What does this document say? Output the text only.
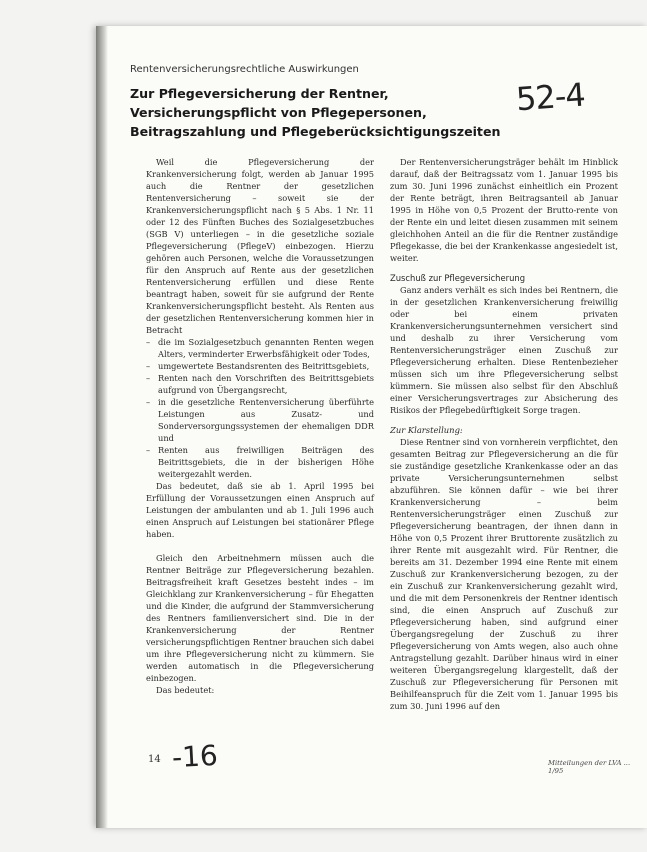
Rentenversicherungsrechtliche Auswirkungen
Zur Pflegeversicherung der Rentner,
Versicherungspflicht von Pflegepersonen,
Beitragszahlung und Pflegeberücksichtigungszeiten
52-4

Weil die Pflegeversicherung der Krankenversicherung folgt, werden ab Januar 1995 auch die Rentner der gesetzlichen Rentenversicherung – soweit sie der Krankenversicherungspflicht nach § 5 Abs. 1 Nr. 11 oder 12 des Fünften Buches des Sozialgesetzbuches (SGB V) unterliegen – in die gesetzliche soziale Pflegeversicherung (PflegeV) einbezogen. Hierzu gehören auch Personen, welche die Voraussetzungen für den Anspruch auf Rente aus der gesetzlichen Rentenversicherung erfüllen und diese Rente beantragt haben, soweit für sie aufgrund der Rente Krankenversicherungspflicht besteht. Als Renten aus der gesetzlichen Rentenversicherung kommen hier in Betracht

– die im Sozialgesetzbuch genannten Renten wegen Alters, verminderter Erwerbsfähigkeit oder Todes,
– umgewertete Bestandsrenten des Beitrittsgebiets,
– Renten nach den Vorschriften des Beitrittsgebiets aufgrund von Übergangsrecht,
– in die gesetzliche Rentenversicherung überführte Leistungen aus Zusatz- und Sonderversorgungssystemen der ehemaligen DDR und
– Renten aus freiwilligen Beiträgen des Beitrittsgebiets, die in der bisherigen Höhe weitergezahlt werden.

Das bedeutet, daß sie ab 1. April 1995 bei Erfüllung der Voraussetzungen einen Anspruch auf Leistungen der ambulanten und ab 1. Juli 1996 auch einen Anspruch auf Leistungen bei stationärer Pflege haben.

Gleich den Arbeitnehmern müssen auch die Rentner Beiträge zur Pflegeversicherung bezahlen. Beitragsfreiheit kraft Gesetzes besteht indes – im Gleichklang zur Krankenversicherung – für Ehegatten und die Kinder, die aufgrund der Stammversicherung des Rentners familienversichert sind. Die in der Krankenversicherung der Rentner versicherungspflichtigen Rentner brauchen sich dabei um ihre Pflegeversicherung nicht zu kümmern. Sie werden automatisch in die Pflegeversicherung einbezogen.

Das bedeutet:

Der Rentenversicherungsträger behält im Hinblick darauf, daß der Beitragssatz vom 1. Januar 1995 bis zum 30. Juni 1996 zunächst einheitlich ein Prozent der Rente beträgt, ihren Beitragsanteil ab Januar 1995 in Höhe von 0,5 Prozent der Brutto-rente von der Rente ein und leitet diesen zusammen mit seinem gleichhohen Anteil an die für die Rentner zuständige Pflegekasse, die bei der Krankenkasse angesiedelt ist, weiter.

Zuschuß zur Pflegeversicherung

Ganz anders verhält es sich indes bei Rentnern, die in der gesetzlichen Krankenversicherung freiwillig oder bei einem privaten Krankenversicherungsunternehmen versichert sind und deshalb zu ihrer Versicherung vom Rentenversicherungsträger einen Zuschuß zur Pflegeversicherung erhalten. Diese Rentenbezieher müssen sich um ihre Pflegeversicherung selbst kümmern. Sie müssen also selbst für den Abschluß einer Versicherungsvertrages zur Absicherung des Risikos der Pflegebedürftigkeit Sorge tragen.

Zur Klarstellung:

Diese Rentner sind von vornherein verpflichtet, den gesamten Beitrag zur Pflegeversicherung an die für sie zuständige gesetzliche Krankenkasse oder an das private Versicherungsunternehmen selbst abzuführen. Sie können dafür – wie bei ihrer Krankenversicherung – beim Rentenversicherungsträger einen Zuschuß zur Pflegeversicherung beantragen, der ihnen dann in Höhe von 0,5 Prozent ihrer Bruttorente zusätzlich zu ihrer Rente mit ausgezahlt wird. Für Rentner, die bereits am 31. Dezember 1994 eine Rente mit einem Zuschuß zur Krankenversicherung bezogen, zu der ein Zuschuß zur Krankenversicherung gezahlt wird, und die mit dem Personenkreis der Rentner identisch sind, die einen Anspruch auf Zuschuß zur Pflegeversicherung haben, sind aufgrund einer Übergangsregelung der Zuschuß zu ihrer Pflegeversicherung von Amts wegen, also auch ohne Antragstellung gezahlt. Darüber hinaus wird in einer weiteren Übergangsregelung klargestellt, daß der Zuschuß zur Pflegeversicherung für Personen mit Beihilfeanspruch für die Zeit vom 1. Januar 1995 bis zum 30. Juni 1996 auf den

14 -16	Mitteilungen der LVA ... 1/95
